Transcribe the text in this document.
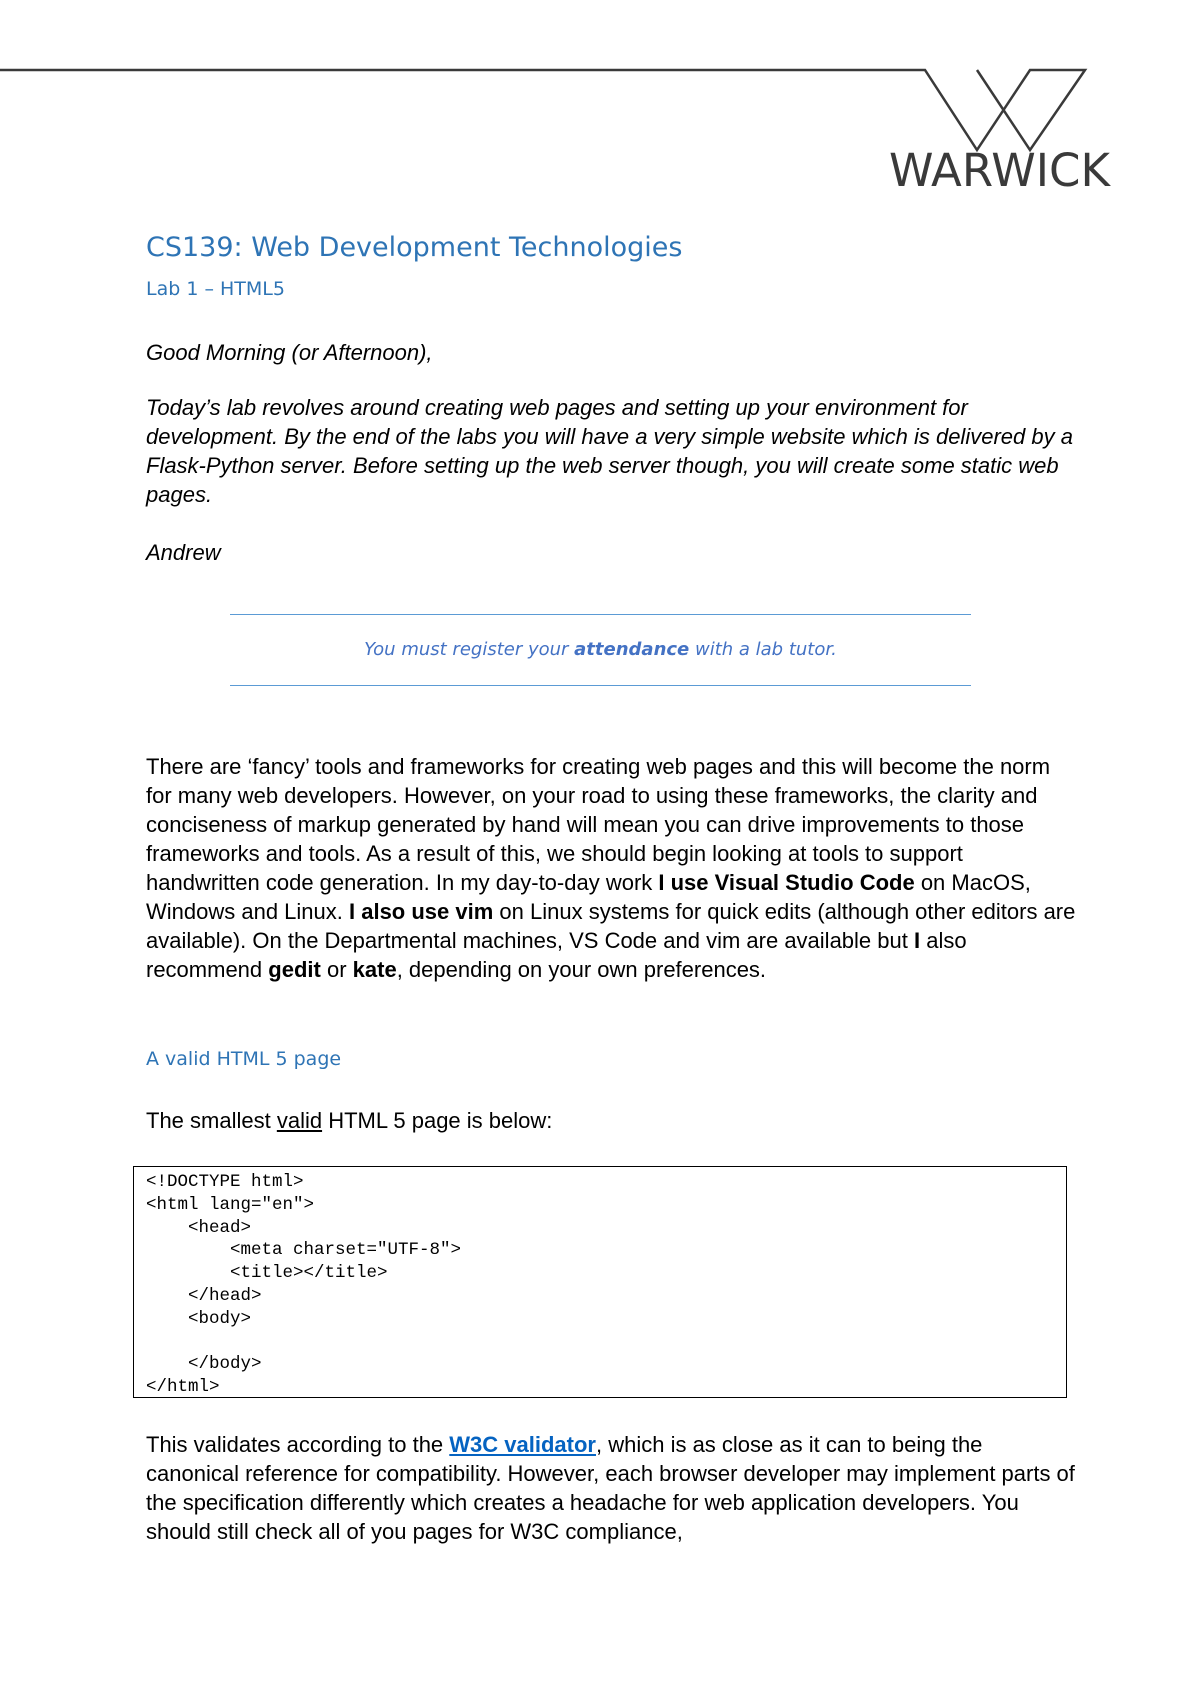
WARWICK
CS139: Web Development Technologies
Lab 1 – HTML5

Good Morning (or Afternoon),

Today’s lab revolves around creating web pages and setting up your environment for development. By the end of the labs you will have a very simple website which is delivered by a Flask-Python server. Before setting up the web server though, you will create some static web pages.

Andrew

You must register your attendance with a lab tutor.

There are ‘fancy’ tools and frameworks for creating web pages and this will become the norm for many web developers. However, on your road to using these frameworks, the clarity and conciseness of markup generated by hand will mean you can drive improvements to those frameworks and tools. As a result of this, we should begin looking at tools to support handwritten code generation. In my day-to-day work I use Visual Studio Code on MacOS, Windows and Linux. I also use vim on Linux systems for quick edits (although other editors are available). On the Departmental machines, VS Code and vim are available but I also recommend gedit or kate, depending on your own preferences.

A valid HTML 5 page

The smallest valid HTML 5 page is below:

<!DOCTYPE html>
<html lang="en">
<head>
<meta charset="UTF-8">
<title></title>
</head>
<body>

</body>
</html>

This validates according to the W3C validator, which is as close as it can to being the canonical reference for compatibility. However, each browser developer may implement parts of the specification differently which creates a headache for web application developers. You should still check all of you pages for W3C compliance,
